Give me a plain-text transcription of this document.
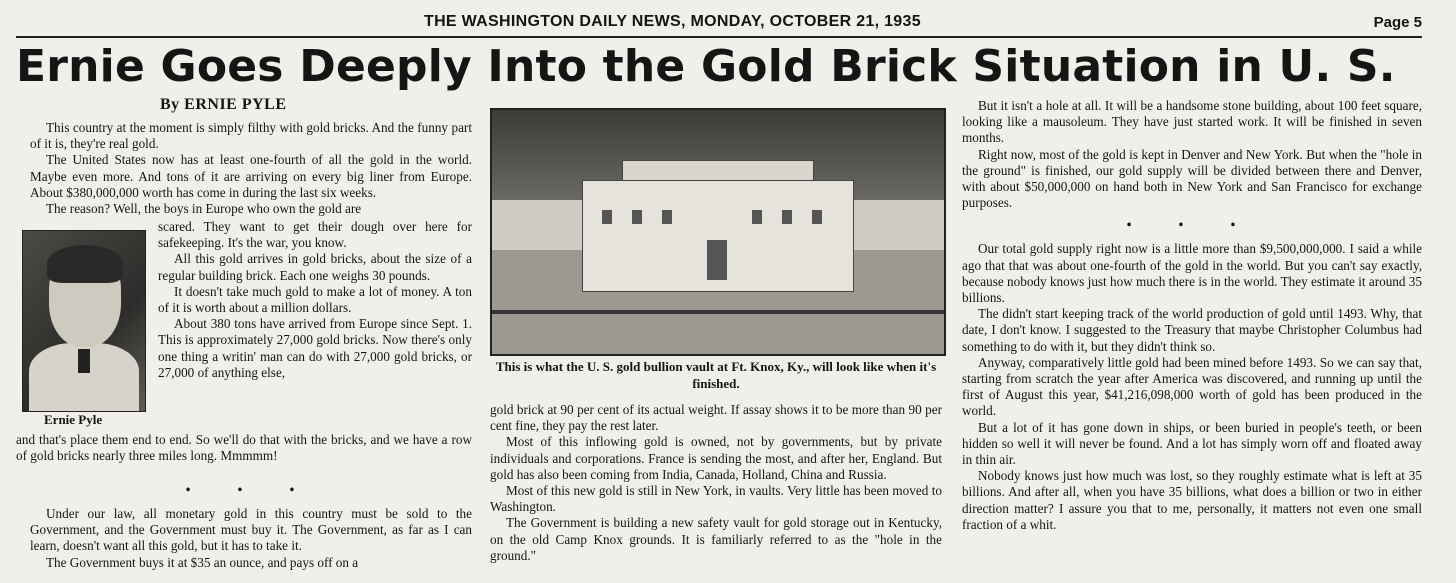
THE WASHINGTON DAILY NEWS, MONDAY, OCTOBER 21, 1935	Page 5
Ernie Goes Deeply Into the Gold Brick Situation in U. S.
By ERNIE PYLE

This country at the moment is simply filthy with gold bricks. And the funny part of it is, they're real gold.

The United States now has at least one-fourth of all the gold in the world. Maybe even more. And tons of it are arriving on every big liner from Europe. About $380,000,000 worth has come in during the last six weeks.

The reason? Well, the boys in Europe who own the gold are

Ernie Pyle

scared. They want to get their dough over here for safekeeping. It's the war, you know.

All this gold arrives in gold bricks, about the size of a regular building brick. Each one weighs 30 pounds.

It doesn't take much gold to make a lot of money. A ton of it is worth about a million dollars.

About 380 tons have arrived from Europe since Sept. 1. This is approximately 27,000 gold bricks. Now there's only one thing a writin' man can do with 27,000 gold bricks, or 27,000 of anything else,

and that's place them end to end. So we'll do that with the bricks, and we have a row of gold bricks nearly three miles long. Mmmmm!

• • •

Under our law, all monetary gold in this country must be sold to the Government, and the Government must buy it. The Government, as far as I can learn, doesn't want all this gold, but it has to take it.

The Government buys it at $35 an ounce, and pays off on a

This is what the U. S. gold bullion vault at Ft. Knox, Ky., will look like when it's finished.

gold brick at 90 per cent of its actual weight. If assay shows it to be more than 90 per cent fine, they pay the rest later.

Most of this inflowing gold is owned, not by governments, but by private individuals and corporations. France is sending the most, and after her, England. But gold has also been coming from India, Canada, Holland, China and Russia.

Most of this new gold is still in New York, in vaults. Very little has been moved to Washington.

The Government is building a new safety vault for gold storage out in Kentucky, on the old Camp Knox grounds. It is familiarly referred to as the "hole in the ground."

But it isn't a hole at all. It will be a handsome stone building, about 100 feet square, looking like a mausoleum. They have just started work. It will be finished in seven months.

Right now, most of the gold is kept in Denver and New York. But when the "hole in the ground" is finished, our gold supply will be divided between there and Denver, with about $50,000,000 on hand both in New York and San Francisco for exchange purposes.

• • •

Our total gold supply right now is a little more than $9,500,000,000. I said a while ago that that was about one-fourth of the gold in the world. But you can't say exactly, because nobody knows just how much there is in the world. They estimate it around 35 billions.

The didn't start keeping track of the world production of gold until 1493. Why, that date, I don't know. I suggested to the Treasury that maybe Christopher Columbus had something to do with it, but they didn't think so.

Anyway, comparatively little gold had been mined before 1493. So we can say that, starting from scratch the year after America was discovered, and running up until the first of August this year, $41,216,098,000 worth of gold has been produced in the world.

But a lot of it has gone down in ships, or been buried in people's teeth, or been hidden so well it will never be found. And a lot has simply worn off and floated away in thin air.

Nobody knows just how much was lost, so they roughly estimate what is left at 35 billions. And after all, when you have 35 billions, what does a billion or two in either direction matter? I assure you that to me, personally, it matters not even one small fraction of a whit.
